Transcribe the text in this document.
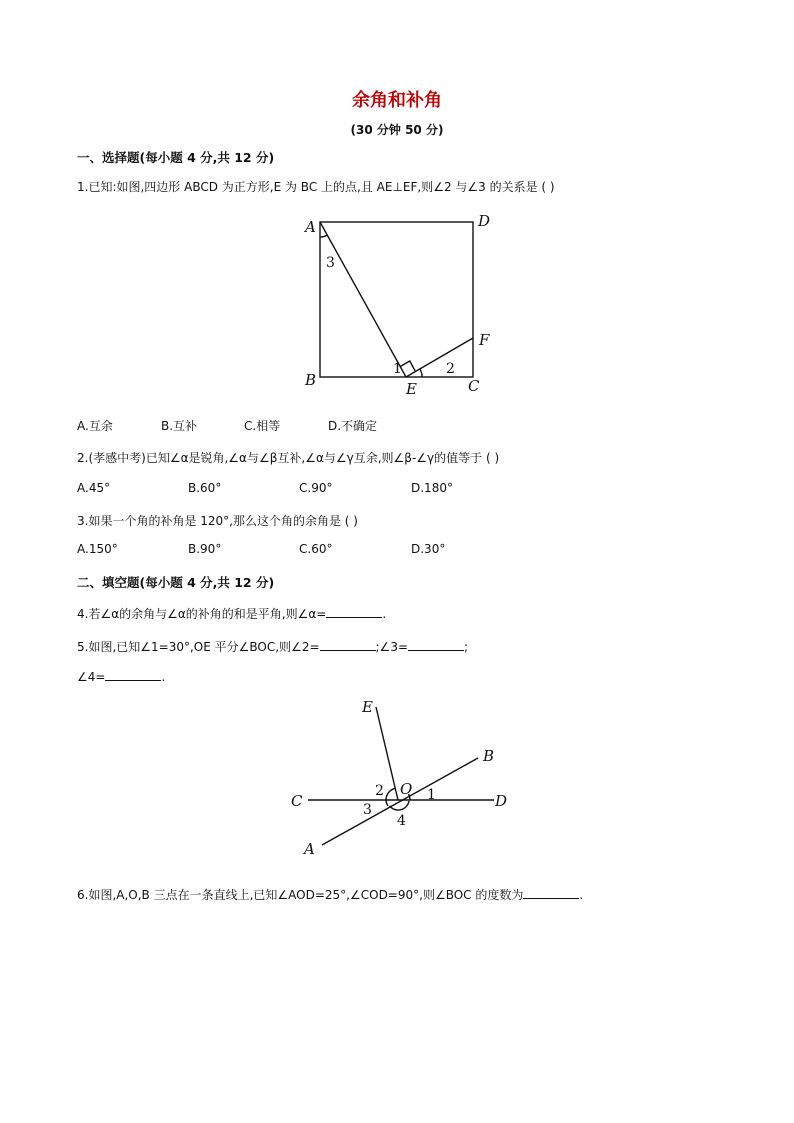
余角和补角
(30 分钟 50 分)
一、选择题(每小题 4 分,共 12 分)
1.已知:如图,四边形 ABCD 为正方形,E 为 BC 上的点,且 AE⊥EF,则∠2 与∠3 的关系是 ( )
A	D
B	C
E
F
3
1	2
A.互余	B.互补	C.相等	D.不确定
2.(孝感中考)已知∠α是锐角,∠α与∠β互补,∠α与∠γ互余,则∠β-∠γ的值等于 ( )
A.45°	B.60°	C.90°	D.180°
3.如果一个角的补角是 120°,那么这个角的余角是 ( )
A.150°	B.90°	C.60°	D.30°
二、填空题(每小题 4 分,共 12 分)
4.若∠α的余角与∠α的补角的和是平角,则∠α=	.
5.如图,已知∠1=30°,OE 平分∠BOC,则∠2=	;∠3=	;
∠4=	.
E
B
C	D
A
O 1
2
3
4
6.如图,A,O,B 三点在一条直线上,已知∠AOD=25°,∠COD=90°,则∠BOC 的度数为	.
